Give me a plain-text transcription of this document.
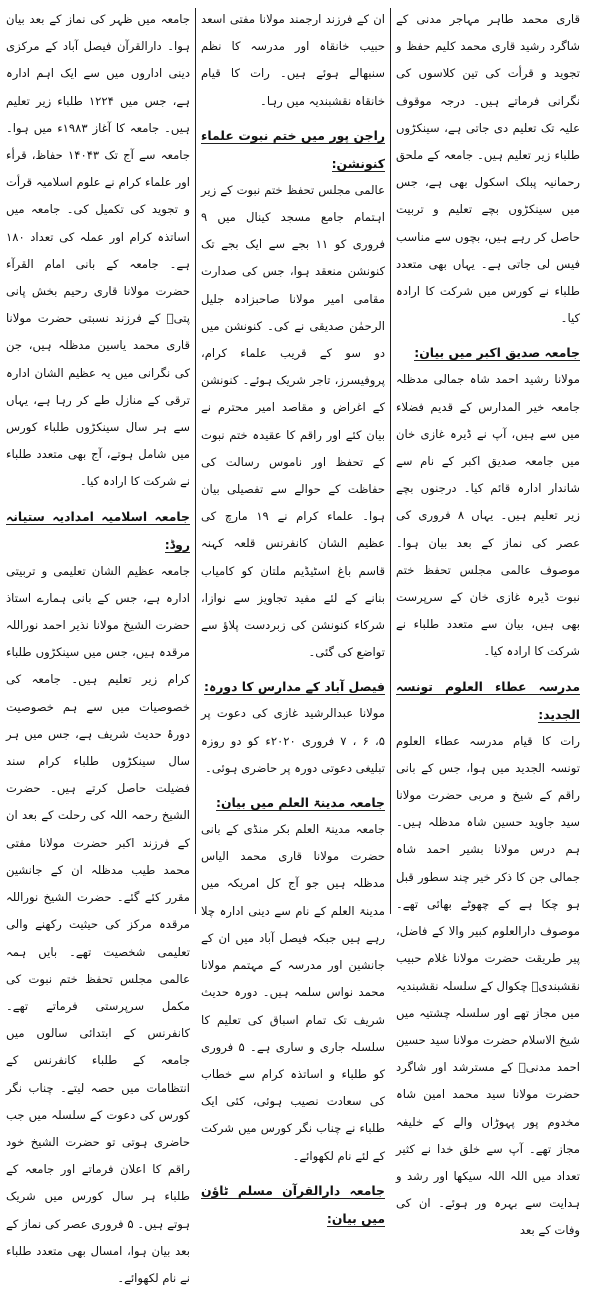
قاری محمد طاہر مہاجر مدنی کے شاگرد رشید قاری محمد کلیم حفظ و تجوید و قرأت کی تین کلاسوں کی نگرانی فرماتے ہیں۔ درجہ موقوف علیہ تک تعلیم دی جاتی ہے، سینکڑوں طلباء زیر تعلیم ہیں۔ جامعہ کے ملحق رحمانیہ پبلک اسکول بھی ہے، جس میں سینکڑوں بچے تعلیم و تربیت حاصل کر رہے ہیں، بچوں سے مناسب فیس لی جاتی ہے۔ یہاں بھی متعدد طلباء نے کورس میں شرکت کا ارادہ کیا۔

جامعہ صدیق اکبر میں بیان:

مولانا رشید احمد شاہ جمالی مدظلہ جامعہ خیر المدارس کے قدیم فضلاء میں سے ہیں، آپ نے ڈیرہ غازی خان میں جامعہ صدیق اکبر کے نام سے شاندار ادارہ قائم کیا۔ درجنوں بچے زیر تعلیم ہیں۔ یہاں ۸ فروری کی عصر کی نماز کے بعد بیان ہوا۔ موصوف عالمی مجلس تحفظ ختم نبوت ڈیرہ غازی خان کے سرپرست بھی ہیں، بیان سے متعدد طلباء نے شرکت کا ارادہ کیا۔

مدرسہ عطاء العلوم تونسہ الجدید:

رات کا قیام مدرسہ عطاء العلوم تونسہ الجدید میں ہوا، جس کے بانی راقم کے شیخ و مربی حضرت مولانا سید جاوید حسین شاہ مدظلہ ہیں۔ ہم درس مولانا بشیر احمد شاہ جمالی جن کا ذکر خیر چند سطور قبل ہو چکا ہے کے چھوٹے بھائی تھے۔ موصوف دارالعلوم کبیر والا کے فاضل، پیر طریقت حضرت مولانا غلام حبیب نقشبندیؒ چکوال کے سلسلہ نقشبندیہ میں مجاز تھے اور سلسلہ چشتیہ میں شیخ الاسلام حضرت مولانا سید حسین احمد مدنیؒ کے مسترشد اور شاگرد حضرت مولانا سید محمد امین شاہ مخدوم پور پہوڑاں والے کے خلیفہ مجاز تھے۔ آپ سے خلق خدا نے کثیر تعداد میں اللہ اللہ سیکھا اور رشد و ہدایت سے بہرہ ور ہوئے۔ ان کی وفات کے بعد

ان کے فرزند ارجمند مولانا مفتی اسعد حبیب خانقاہ اور مدرسہ کا نظم سنبھالے ہوئے ہیں۔ رات کا قیام خانقاہ نقشبندیہ میں رہا۔

راجن پور میں ختم نبوت علماء کنونشن:

عالمی مجلس تحفظ ختم نبوت کے زیر اہتمام جامع مسجد کینال میں ۹ فروری کو ۱۱ بجے سے ایک بجے تک کنونشن منعقد ہوا، جس کی صدارت مقامی امیر مولانا صاحبزادہ جلیل الرحمٰن صدیقی نے کی۔ کنونشن میں دو سو کے قریب علماء کرام، پروفیسرز، تاجر شریک ہوئے۔ کنونشن کے اغراض و مقاصد امیر محترم نے بیان کئے اور راقم کا عقیدہ ختم نبوت کے تحفظ اور ناموس رسالت کی حفاظت کے حوالے سے تفصیلی بیان ہوا۔ علماء کرام نے ۱۹ مارچ کی عظیم الشان کانفرنس قلعہ کہنہ قاسم باغ اسٹیڈیم ملتان کو کامیاب بنانے کے لئے مفید تجاویز سے نوازا، شرکاء کنونشن کی زبردست پلاؤ سے تواضع کی گئی۔

فیصل آباد کے مدارس کا دورہ:

مولانا عبدالرشید غازی کی دعوت پر ۵، ۶ ، ۷ فروری ۲۰۲۰ء کو دو روزہ تبلیغی دعوتی دورہ پر حاضری ہوئی۔

جامعہ مدینۃ العلم میں بیان:

جامعہ مدینۃ العلم بکر منڈی کے بانی حضرت مولانا قاری محمد الیاس مدظلہ ہیں جو آج کل امریکہ میں مدینۃ العلم کے نام سے دینی ادارہ چلا رہے ہیں جبکہ فیصل آباد میں ان کے جانشین اور مدرسہ کے مہتمم مولانا محمد نواس سلمہ ہیں۔ دورہ حدیث شریف تک تمام اسباق کی تعلیم کا سلسلہ جاری و ساری ہے۔ ۵ فروری کو طلباء و اساتذہ کرام سے خطاب کی سعادت نصیب ہوئی، کئی ایک طلباء نے چناب نگر کورس میں شرکت کے لئے نام لکھوائے۔

جامعہ دارالقرآن مسلم ٹاؤن میں بیان:

جامعہ میں ظہر کی نماز کے بعد بیان ہوا۔ دارالقرآن فیصل آباد کے مرکزی دینی اداروں میں سے ایک اہم ادارہ ہے، جس میں ۱۲۲۴ طلباء زیر تعلیم ہیں۔ جامعہ کا آغاز ۱۹۸۳ء میں ہوا۔ جامعہ سے آج تک ۱۴۰۴۳ حفاظ، قرأء اور علماء کرام نے علوم اسلامیہ قرأت و تجوید کی تکمیل کی۔ جامعہ میں اساتذہ کرام اور عملہ کی تعداد ۱۸۰ ہے۔ جامعہ کے بانی امام القرآء حضرت مولانا قاری رحیم بخش پانی پتیؒ کے فرزند نسبتی حضرت مولانا قاری محمد یاسین مدظلہ ہیں، جن کی نگرانی میں یہ عظیم الشان ادارہ ترقی کے منازل طے کر رہا ہے، یہاں سے ہر سال سینکڑوں طلباء کورس میں شامل ہوتے، آج بھی متعدد طلباء نے شرکت کا ارادہ کیا۔

جامعہ اسلامیہ امدادیہ ستیانہ روڈ:

جامعہ عظیم الشان تعلیمی و تربیتی ادارہ ہے، جس کے بانی ہمارے استاذ حضرت الشیخ مولانا نذیر احمد نوراللہ مرقدہ ہیں، جس میں سینکڑوں طلباء کرام زیر تعلیم ہیں۔ جامعہ کی خصوصیات میں سے ہم خصوصیت دورۂ حدیث شریف ہے، جس میں ہر سال سینکڑوں طلباء کرام سند فضیلت حاصل کرتے ہیں۔ حضرت الشیخ رحمہ اللہ کی رحلت کے بعد ان کے فرزند اکبر حضرت مولانا مفتی محمد طیب مدظلہ ان کے جانشین مقرر کئے گئے۔ حضرت الشیخ نوراللہ مرقدہ مرکز کی حیثیت رکھنے والی تعلیمی شخصیت تھے۔ بایں ہمہ عالمی مجلس تحفظ ختم نبوت کی مکمل سرپرستی فرماتے تھے۔ کانفرنس کے ابتدائی سالوں میں جامعہ کے طلباء کانفرنس کے انتظامات میں حصہ لیتے۔ چناب نگر کورس کی دعوت کے سلسلہ میں جب حاضری ہوتی تو حضرت الشیخ خود راقم کا اعلان فرماتے اور جامعہ کے طلباء ہر سال کورس میں شریک ہوتے ہیں۔ ۵ فروری عصر کی نماز کے بعد بیان ہوا، امسال بھی متعدد طلباء نے نام لکھوائے۔
